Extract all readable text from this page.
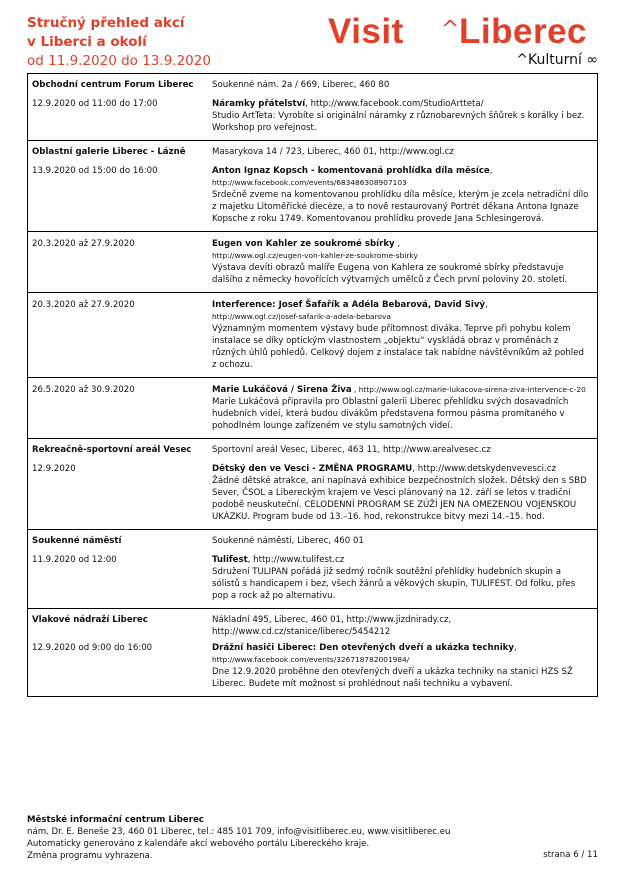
Stručný přehled akcí
v Liberci a okolí
od 11.9.2020 do 13.9.2020
Visit ^ Liberec
^Kulturní ∞
Obchodní centrum Forum Liberec	Soukenné nám. 2a / 669, Liberec, 460 80
12.9.2020 od 11:00 do 17:00	Náramky přátelství, http://www.facebook.com/StudioArtteta/
Studio ArtTeta: Vyrobíte si originální náramky z různobarevných šňůrek s korálky i bez. Workshop pro veřejnost.
Oblastní galerie Liberec - Lázně	Masarykova 14 / 723, Liberec, 460 01, http://www.ogl.cz
13.9.2020 od 15:00 do 16:00	Anton Ignaz Kopsch - komentovaná prohlídka díla měsíce,
http://www.facebook.com/events/683486308907103
Srdečně zveme na komentovanou prohlídku díla měsíce, kterým je zcela netradiční dílo z majetku Litoměřické diecéze, a to nově restaurovaný Portrét děkana Antona Ignaze Kopsche z roku 1749. Komentovanou prohlídku provede Jana Schlesingerová.
20.3.2020 až 27.9.2020	Eugen von Kahler ze soukromé sbírky ,
http://www.ogl.cz/eugen-von-kahler-ze-soukrome-sbirky
Výstava devíti obrazů malíře Eugena von Kahlera ze soukromé sbírky představuje dalšího z německy hovořících výtvarných umělců z Čech první poloviny 20. století.
20.3.2020 až 27.9.2020	Interference: Josef Šafařík a Adéla Bebarová, David Sivý,
http://www.ogl.cz/josef-safarik-a-adela-bebarova
Významným momentem výstavy bude přítomnost diváka. Teprve při pohybu kolem instalace se díky optickým vlastnostem „objektu“ vyskládá obraz v proměnách z různých úhlů pohledů. Celkový dojem z instalace tak nabídne návštěvníkům až pohled z ochozu.
26.5.2020 až 30.9.2020	Marie Lukáčová / Sirena Živa , http://www.ogl.cz/marie-lukacova-sirena-ziva-intervence-c-20
Marie Lukáčová připravila pro Oblastní galerii Liberec přehlídku svých dosavadních hudebních videí, která budou divákům představena formou pásma promítaného v pohodlném lounge zařízeném ve stylu samotných videí.
Rekreačně-sportovní areál Vesec	Sportovní areál Vesec, Liberec, 463 11, http://www.arealvesec.cz
12.9.2020	Dětský den ve Vesci - ZMĚNA PROGRAMU, http://www.detskydenvevesci.cz
Žádné dětské atrakce, ani napínavá exhibice bezpečnostních složek. Dětský den s SBD Sever, ČSOL a Libereckým krajem ve Vesci plánovaný na 12. září se letos v tradiční podobě neuskuteční. CELODENNÍ PROGRAM SE ZÚŽÍ JEN NA OMEZENOU VOJENSKOU UKÁZKU. Program bude od 13.–16. hod, rekonstrukce bitvy mezi 14.–15. hod.
Soukenné náměstí	Soukenné náměstí, Liberec, 460 01
11.9.2020 od 12:00	Tulifest, http://www.tulifest.cz
Sdružení TULIPAN pořádá již sedmý ročník soutěžní přehlídky hudebních skupin a sólistů s handicapem i bez, všech žánrů a věkových skupin, TULIFEST. Od folku, přes pop a rock až po alternativu.
Vlakové nádraží Liberec	Nákladní 495, Liberec, 460 01, http://www.jizdnirady.cz, http://www.cd.cz/stanice/liberec/5454212
12.9.2020 od 9:00 do 16:00	Drážní hasiči Liberec: Den otevřených dveří a ukázka techniky,
http://www.facebook.com/events/326718782001984/
Dne 12.9.2020 proběhne den otevřených dveří a ukázka techniky na stanici HZS SŽ Liberec. Budete mít možnost si prohlédnout naši techniku a vybavení.
Městské informační centrum Liberec
nám. Dr. E. Beneše 23, 460 01 Liberec, tel.: 485 101 709, info@visitliberec.eu, www.visitliberec.eu
Automaticky generováno z kalendáře akcí webového portálu Libereckého kraje.
Změna programu vyhrazena.	strana 6 / 11
